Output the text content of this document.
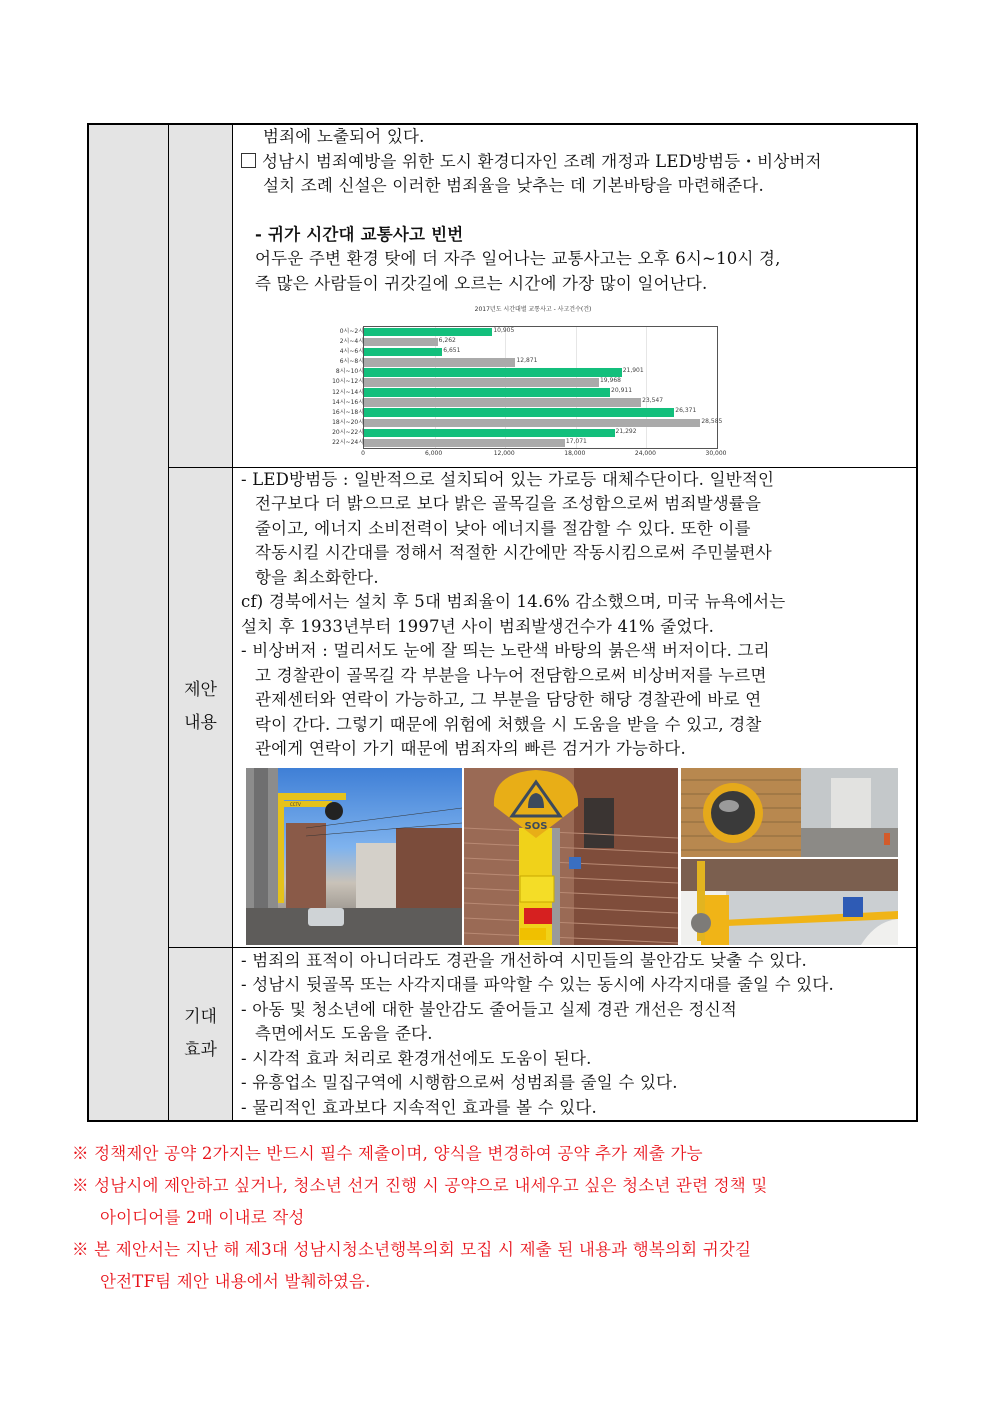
범죄에 노출되어 있다.
성남시 범죄예방을 위한 도시 환경디자인 조례 개정과 LED방범등・비상버저
설치 조례 신설은 이러한 범죄율을 낮추는 데 기본바탕을 마련해준다.
- 귀가 시간대 교통사고 빈번
어두운 주변 환경 탓에 더 자주 일어나는 교통사고는 오후 6시~10시 경,
즉 많은 사람들이 귀갓길에 오르는 시간에 가장 많이 일어난다.
2017년도 시간대별 교통사고 - 사고건수(건)
10,905
6,262
6,651
12,871
21,901
19,968
20,911
23,547
26,371
28,585
21,292
17,071
0시~2시
2시~4시
4시~6시
6시~8시
8시~10시
10시~12시
12시~14시
14시~16시
16시~18시
18시~20시
20시~22시
22시~24시
0	6,000	12,000	18,000	24,000	30,000

제안
내용

- LED방범등 : 일반적으로 설치되어 있는 가로등 대체수단이다. 일반적인
전구보다 더 밝으므로 보다 밝은 골목길을 조성함으로써 범죄발생률을
줄이고, 에너지 소비전력이 낮아 에너지를 절감할 수 있다. 또한 이를
작동시킬 시간대를 정해서 적절한 시간에만 작동시킴으로써 주민불편사
항을 최소화한다.
cf) 경북에서는 설치 후 5대 범죄율이 14.6% 감소했으며, 미국 뉴욕에서는
설치 후 1933년부터 1997년 사이 범죄발생건수가 41% 줄었다.
- 비상버저 : 멀리서도 눈에 잘 띄는 노란색 바탕의 붉은색 버저이다. 그리
고 경찰관이 골목길 각 부분을 나누어 전담함으로써 비상버저를 누르면
관제센터와 연락이 가능하고, 그 부분을 담당한 해당 경찰관에 바로 연
락이 간다. 그렇기 때문에 위험에 처했을 시 도움을 받을 수 있고, 경찰
관에게 연락이 가기 때문에 범죄자의 빠른 검거가 가능하다.
CCTV
SOS

기대
효과

- 범죄의 표적이 아니더라도 경관을 개선하여 시민들의 불안감도 낮출 수 있다.
- 성남시 뒷골목 또는 사각지대를 파악할 수 있는 동시에 사각지대를 줄일 수 있다.
- 아동 및 청소년에 대한 불안감도 줄어들고 실제 경관 개선은 정신적
측면에서도 도움을 준다.
- 시각적 효과 처리로 환경개선에도 도움이 된다.
- 유흥업소 밀집구역에 시행함으로써 성범죄를 줄일 수 있다.
- 물리적인 효과보다 지속적인 효과를 볼 수 있다.
※ 정책제안 공약 2가지는 반드시 필수 제출이며, 양식을 변경하여 공약 추가 제출 가능
※ 성남시에 제안하고 싶거나, 청소년 선거 진행 시 공약으로 내세우고 싶은 청소년 관련 정책 및
아이디어를 2매 이내로 작성
※ 본 제안서는 지난 해 제3대 성남시청소년행복의회 모집 시 제출 된 내용과 행복의회 귀갓길
안전TF팀 제안 내용에서 발췌하였음.
